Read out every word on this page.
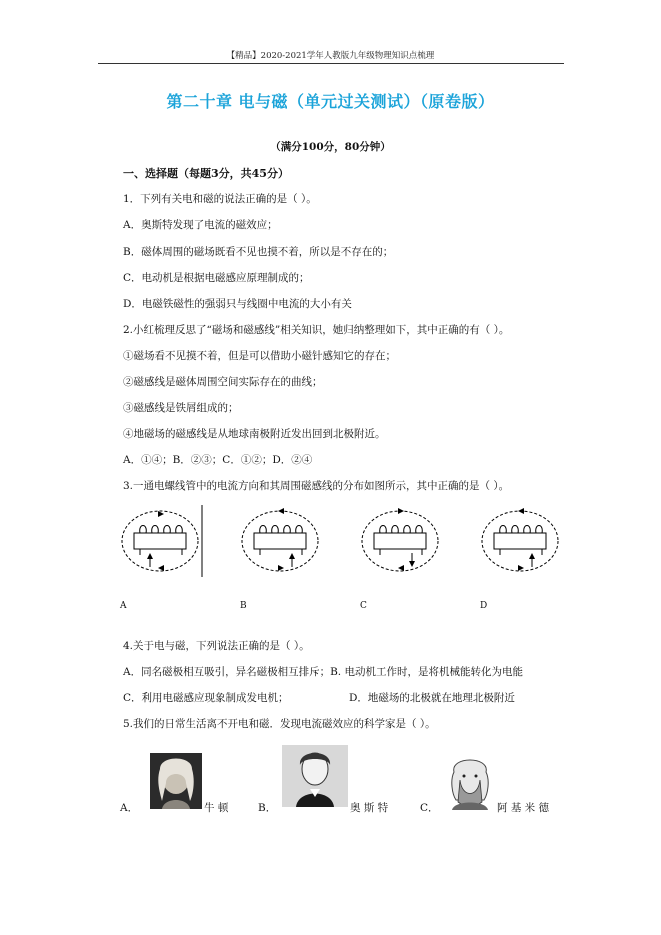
【精品】2020-2021学年人教版九年级物理知识点梳理
第二十章 电与磁（单元过关测试）（原卷版）
（满分100分，80分钟）
一、选择题（每题3分，共45分）
1．下列有关电和磁的说法正确的是（ ）。
A．奥斯特发现了电流的磁效应；
B．磁体周围的磁场既看不见也摸不着，所以是不存在的；
C．电动机是根据电磁感应原理制成的；
D．电磁铁磁性的强弱只与线圈中电流的大小有关
2.小红梳理反思了“磁场和磁感线”相关知识，她归纳整理如下，其中正确的有（ ）。
①磁场看不见摸不着，但是可以借助小磁针感知它的存在；
②磁感线是磁体周围空间实际存在的曲线；
③磁感线是铁屑组成的；
④地磁场的磁感线是从地球南极附近发出回到北极附近。
A．①④；B．②③；C．①②；D．②④
3.一通电螺线管中的电流方向和其周围磁感线的分布如图所示，其中正确的是（ ）。
A	B	C	D
4.关于电与磁，下列说法正确的是（ ）。
A．同名磁极相互吸引，异名磁极相互排斥；B. 电动机工作时，是将机械能转化为电能
C．利用电磁感应现象制成发电机；	D．地磁场的北极就在地理北极附近
5.我们的日常生活离不开电和磁．发现电流磁效应的科学家是（ ）。
A．	牛 顿	B．	奥 斯 特	C．	阿 基 米 德
